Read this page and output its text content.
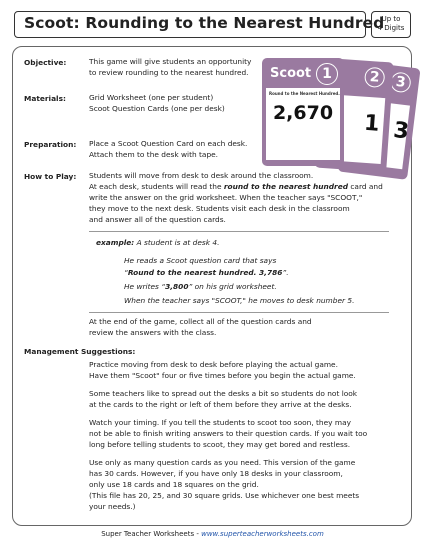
Scoot: Rounding to the Nearest Hundred
Up to
4 Digits
3
3
2
1
Scoot 1
Round to the Nearest Hundred.
2,670
Objective:	This game will give students an opportunity
to review rounding to the nearest hundred.
Materials:	Grid Worksheet (one per student)
Scoot Question Cards (one per desk)
Preparation: Place a Scoot Question Card on each desk.
Attach them to the desk with tape.
How to Play: Students will move from desk to desk around the classroom.
At each desk, students will read the round to the nearest hundred card and
write the answer on the grid worksheet. When the teacher says "SCOOT,"
they move to the next desk. Students visit each desk in the classroom
and answer all of the question cards.
example: A student is at desk 4.
He reads a Scoot question card that says
“Round to the nearest hundred. 3,786”.
He writes “3,800” on his grid worksheet.
When the teacher says "SCOOT," he moves to desk number 5.
At the end of the game, collect all of the question cards and
review the answers with the class.
Management Suggestions:
Practice moving from desk to desk before playing the actual game.
Have them "Scoot" four or five times before you begin the actual game.
Some teachers like to spread out the desks a bit so students do not look
at the cards to the right or left of them before they arrive at the desks.
Watch your timing. If you tell the students to scoot too soon, they may
not be able to finish writing answers to their question cards. If you wait too
long before telling students to scoot, they may get bored and restless.
Use only as many question cards as you need. This version of the game
has 30 cards. However, if you have only 18 desks in your classroom,
only use 18 cards and 18 squares on the grid.
(This file has 20, 25, and 30 square grids. Use whichever one best meets
your needs.)
Super Teacher Worksheets - www.superteacherworksheets.com
